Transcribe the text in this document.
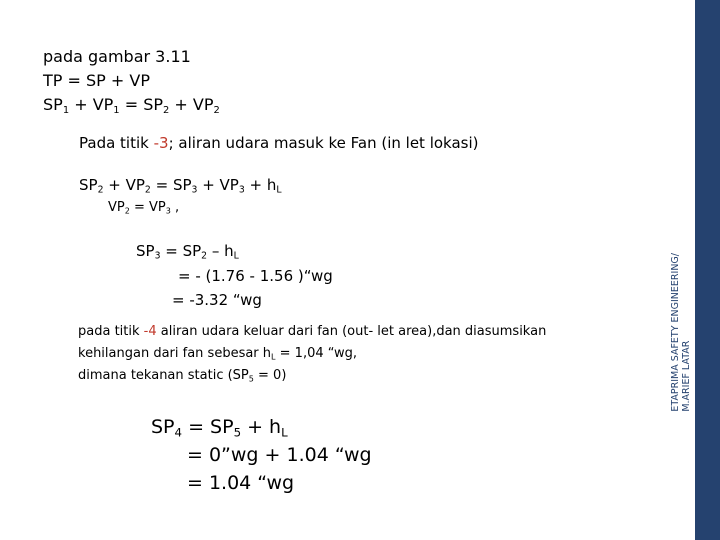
pada gambar 3.11
TP = SP + VP
$SP_1 + VP_1 = SP_2 + VP_2$
Pada titik -3; aliran udara masuk ke Fan (in let lokasi)
$SP_2 + VP_2 = SP_3 + VP_3 + h_L$
$VP_2 = VP_3$ ,
$SP_3 = SP_2 - h_L$
= - (1.76 - 1.56 )“wg
= -3.32 “wg
pada titik -4 aliran udara keluar dari fan (out- let area),dan diasumsikan
kehilangan dari fan sebesar $h_L = 1,04$ “wg,
dimana tekanan static $(SP_5 = 0)$
$SP_4 = SP_5 + h_L$
= 0”wg + 1.04 “wg
= 1.04 “wg
ETAPRIMA SAFETY ENGINEERING/
M.ARIEF LATAR
